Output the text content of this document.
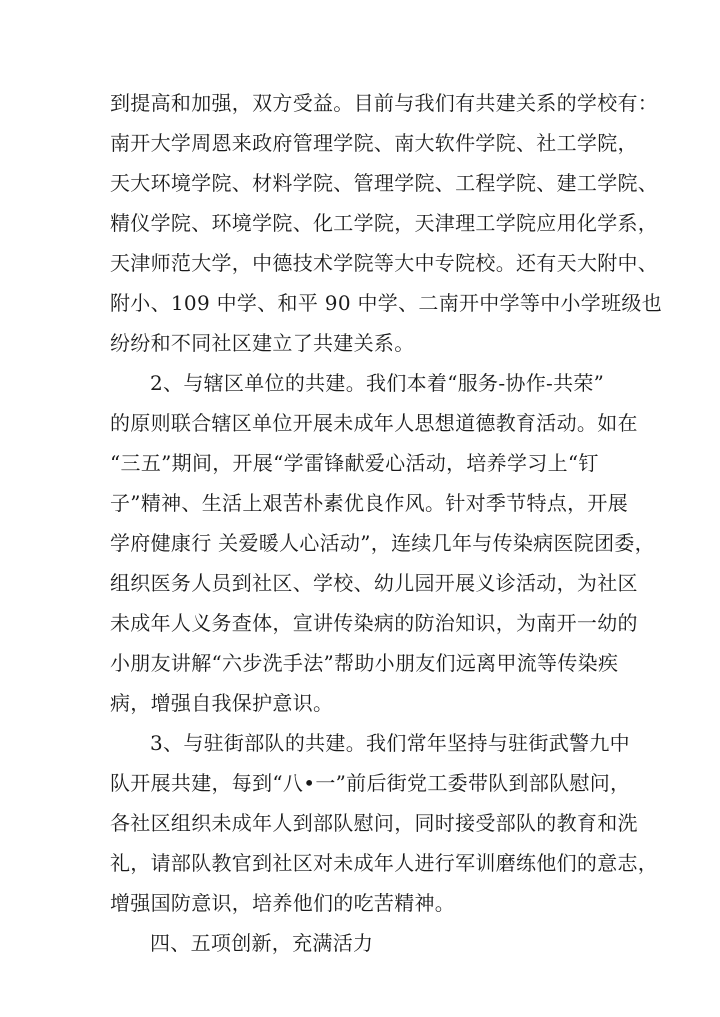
到提高和加强，双方受益。目前与我们有共建关系的学校有：
南开大学周恩来政府管理学院、南大软件学院、社工学院，
天大环境学院、材料学院、管理学院、工程学院、建工学院、
精仪学院、环境学院、化工学院，天津理工学院应用化学系，
天津师范大学，中德技术学院等大中专院校。还有天大附中、
附小、109 中学、和平 90 中学、二南开中学等中小学班级也
纷纷和不同社区建立了共建关系。
2、与辖区单位的共建。我们本着“服务-协作-共荣”
的原则联合辖区单位开展未成年人思想道德教育活动。如在
“三五”期间，开展“学雷锋献爱心活动，培养学习上“钉
子”精神、生活上艰苦朴素优良作风。针对季节特点，开展
学府健康行 关爱暖人心活动”，连续几年与传染病医院团委，
组织医务人员到社区、学校、幼儿园开展义诊活动，为社区
未成年人义务查体，宣讲传染病的防治知识，为南开一幼的
小朋友讲解“六步洗手法”帮助小朋友们远离甲流等传染疾
病，增强自我保护意识。
3、与驻街部队的共建。我们常年坚持与驻街武警九中
队开展共建，每到“八•一”前后街党工委带队到部队慰问，
各社区组织未成年人到部队慰问，同时接受部队的教育和洗
礼，请部队教官到社区对未成年人进行军训磨练他们的意志，
增强国防意识，培养他们的吃苦精神。
四、五项创新，充满活力
